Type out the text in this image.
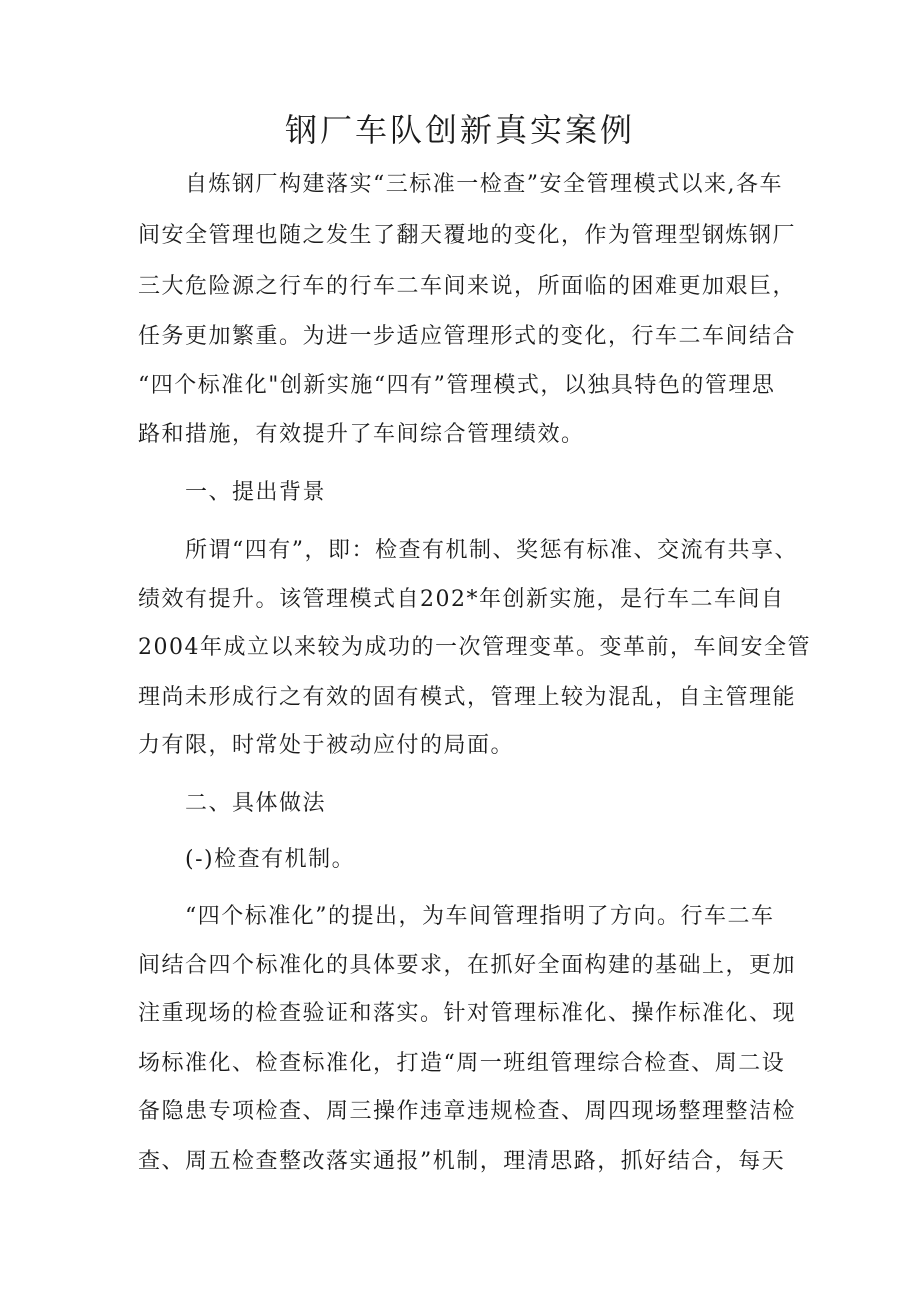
钢厂车队创新真实案例

　　自炼钢厂构建落实“三标准一检查”安全管理模式以来,各车

间安全管理也随之发生了翻天覆地的变化，作为管理型钢炼钢厂

三大危险源之行车的行车二车间来说，所面临的困难更加艰巨，

任务更加繁重。为进一步适应管理形式的变化，行车二车间结合

“四个标准化"创新实施“四有”管理模式，以独具特色的管理思

路和措施，有效提升了车间综合管理绩效。

　　一、提出背景

　　所谓“四有”，即：检查有机制、奖惩有标准、交流有共享、

绩效有提升。该管理模式自202*年创新实施，是行车二车间自

2004年成立以来较为成功的一次管理变革。变革前，车间安全管

理尚未形成行之有效的固有模式，管理上较为混乱，自主管理能

力有限，时常处于被动应付的局面。

　　二、具体做法

　　(-)检查有机制。

　　“四个标准化”的提出，为车间管理指明了方向。行车二车

间结合四个标准化的具体要求，在抓好全面构建的基础上，更加

注重现场的检查验证和落实。针对管理标准化、操作标准化、现

场标准化、检查标准化，打造“周一班组管理综合检查、周二设

备隐患专项检查、周三操作违章违规检查、周四现场整理整洁检

查、周五检查整改落实通报”机制，理清思路，抓好结合，每天
